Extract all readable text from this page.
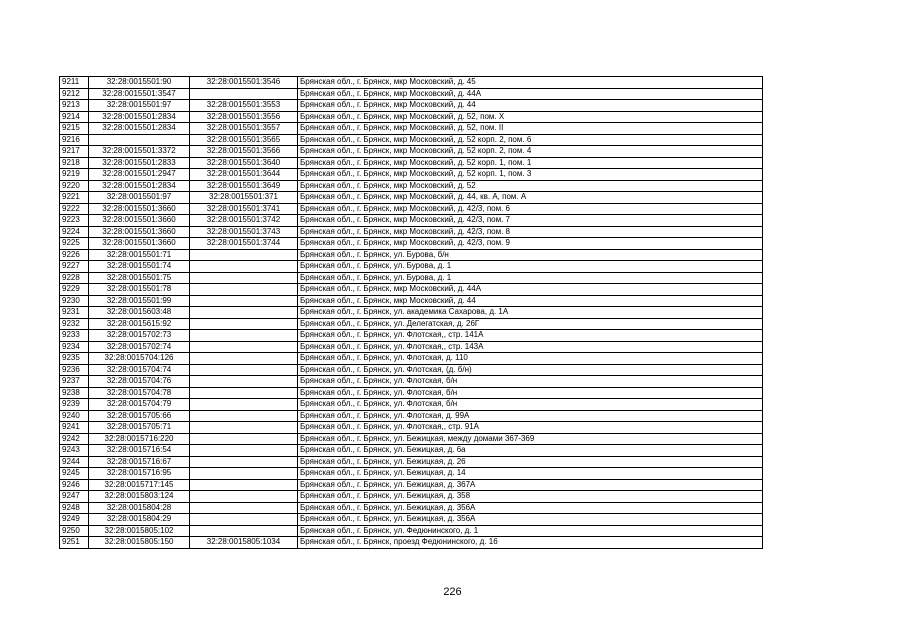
9211	32:28:0015501:90	32:28:0015501:3546	Брянская обл., г. Брянск, мкр Московский, д. 45
9212	32:28:0015501:3547		Брянская обл., г. Брянск, мкр Московский, д. 44А
9213	32:28:0015501:97	32:28:0015501:3553	Брянская обл., г. Брянск, мкр Московский, д. 44
9214	32:28:0015501:2834	32:28:0015501:3556	Брянская обл., г. Брянск, мкр Московский, д. 52, пом. X
9215	32:28:0015501:2834	32:28:0015501:3557	Брянская обл., г. Брянск, мкр Московский, д. 52, пом. II
9216		32:28:0015501:3565	Брянская обл., г. Брянск, мкр Московский, д. 52 корп. 2, пом. 6
9217	32:28:0015501:3372	32:28:0015501:3566	Брянская обл., г. Брянск, мкр Московский, д. 52 корп. 2, пом. 4
9218	32:28:0015501:2833	32:28:0015501:3640	Брянская обл., г. Брянск, мкр Московский, д. 52 корп. 1, пом. 1
9219	32:28:0015501:2947	32:28:0015501:3644	Брянская обл., г. Брянск, мкр Московский, д. 52 корп. 1, пом. 3
9220	32:28:0015501:2834	32:28:0015501:3649	Брянская обл., г. Брянск, мкр Московский, д. 52
9221	32:28:0015501:97	32:28:0015501:371	Брянская обл., г. Брянск, мкр Московский, д. 44, кв. А, пом. А
9222	32:28:0015501:3660	32:28:0015501:3741	Брянская обл., г. Брянск, мкр Московский, д. 42/3, пом. 6
9223	32:28:0015501:3660	32:28:0015501:3742	Брянская обл., г. Брянск, мкр Московский, д. 42/3, пом. 7
9224	32:28:0015501:3660	32:28:0015501:3743	Брянская обл., г. Брянск, мкр Московский, д. 42/3, пом. 8
9225	32:28:0015501:3660	32:28:0015501:3744	Брянская обл., г. Брянск, мкр Московский, д. 42/3, пом. 9
9226	32:28:0015501:71		Брянская обл., г. Брянск, ул. Бурова, б/н
9227	32:28:0015501:74		Брянская обл., г. Брянск, ул. Бурова, д. 1
9228	32:28:0015501:75		Брянская обл., г. Брянск, ул. Бурова, д. 1
9229	32:28:0015501:78		Брянская обл., г. Брянск, мкр Московский, д. 44А
9230	32:28:0015501:99		Брянская обл., г. Брянск, мкр Московский, д. 44
9231	32:28:0015603:48		Брянская обл., г. Брянск, ул. академика Сахарова, д. 1А
9232	32:28:0015615:92		Брянская обл., г. Брянск, ул. Делегатская, д. 26Г
9233	32:28:0015702:73		Брянская обл., г. Брянск, ул. Флотская,, стр. 141А
9234	32:28:0015702:74		Брянская обл., г. Брянск, ул. Флотская,, стр. 143А
9235	32:28:0015704:126		Брянская обл., г. Брянск, ул. Флотская, д. 110
9236	32:28:0015704:74		Брянская обл., г. Брянск, ул. Флотская, (д. б/н)
9237	32:28:0015704:76		Брянская обл., г. Брянск, ул. Флотская, б/н
9238	32:28:0015704:78		Брянская обл., г. Брянск, ул. Флотская, б/н
9239	32:28:0015704:79		Брянская обл., г. Брянск, ул. Флотская, б/н
9240	32:28:0015705:66		Брянская обл., г. Брянск, ул. Флотская, д. 99А
9241	32:28:0015705:71		Брянская обл., г. Брянск, ул. Флотская,, стр. 91А
9242	32:28:0015716:220		Брянская обл., г. Брянск, ул. Бежицкая, между домами 367-369
9243	32:28:0015716:54		Брянская обл., г. Брянск, ул. Бежицкая, д. 6а
9244	32:28:0015716:67		Брянская обл., г. Брянск, ул. Бежицкая, д. 26
9245	32:28:0015716:95		Брянская обл., г. Брянск, ул. Бежицкая, д. 14
9246	32:28:0015717:145		Брянская обл., г. Брянск, ул. Бежицкая, д. 367А
9247	32:28:0015803:124		Брянская обл., г. Брянск, ул. Бежицкая, д. 358
9248	32:28:0015804:28		Брянская обл., г. Брянск, ул. Бежицкая, д. 356А
9249	32:28:0015804:29		Брянская обл., г. Брянск, ул. Бежицкая, д. 356А
9250	32:28:0015805:102		Брянская обл., г. Брянск, ул. Федюнинского, д. 1
9251	32:28:0015805:150	32:28:0015805:1034	Брянская обл., г. Брянск, проезд Федюнинского, д. 16
226
